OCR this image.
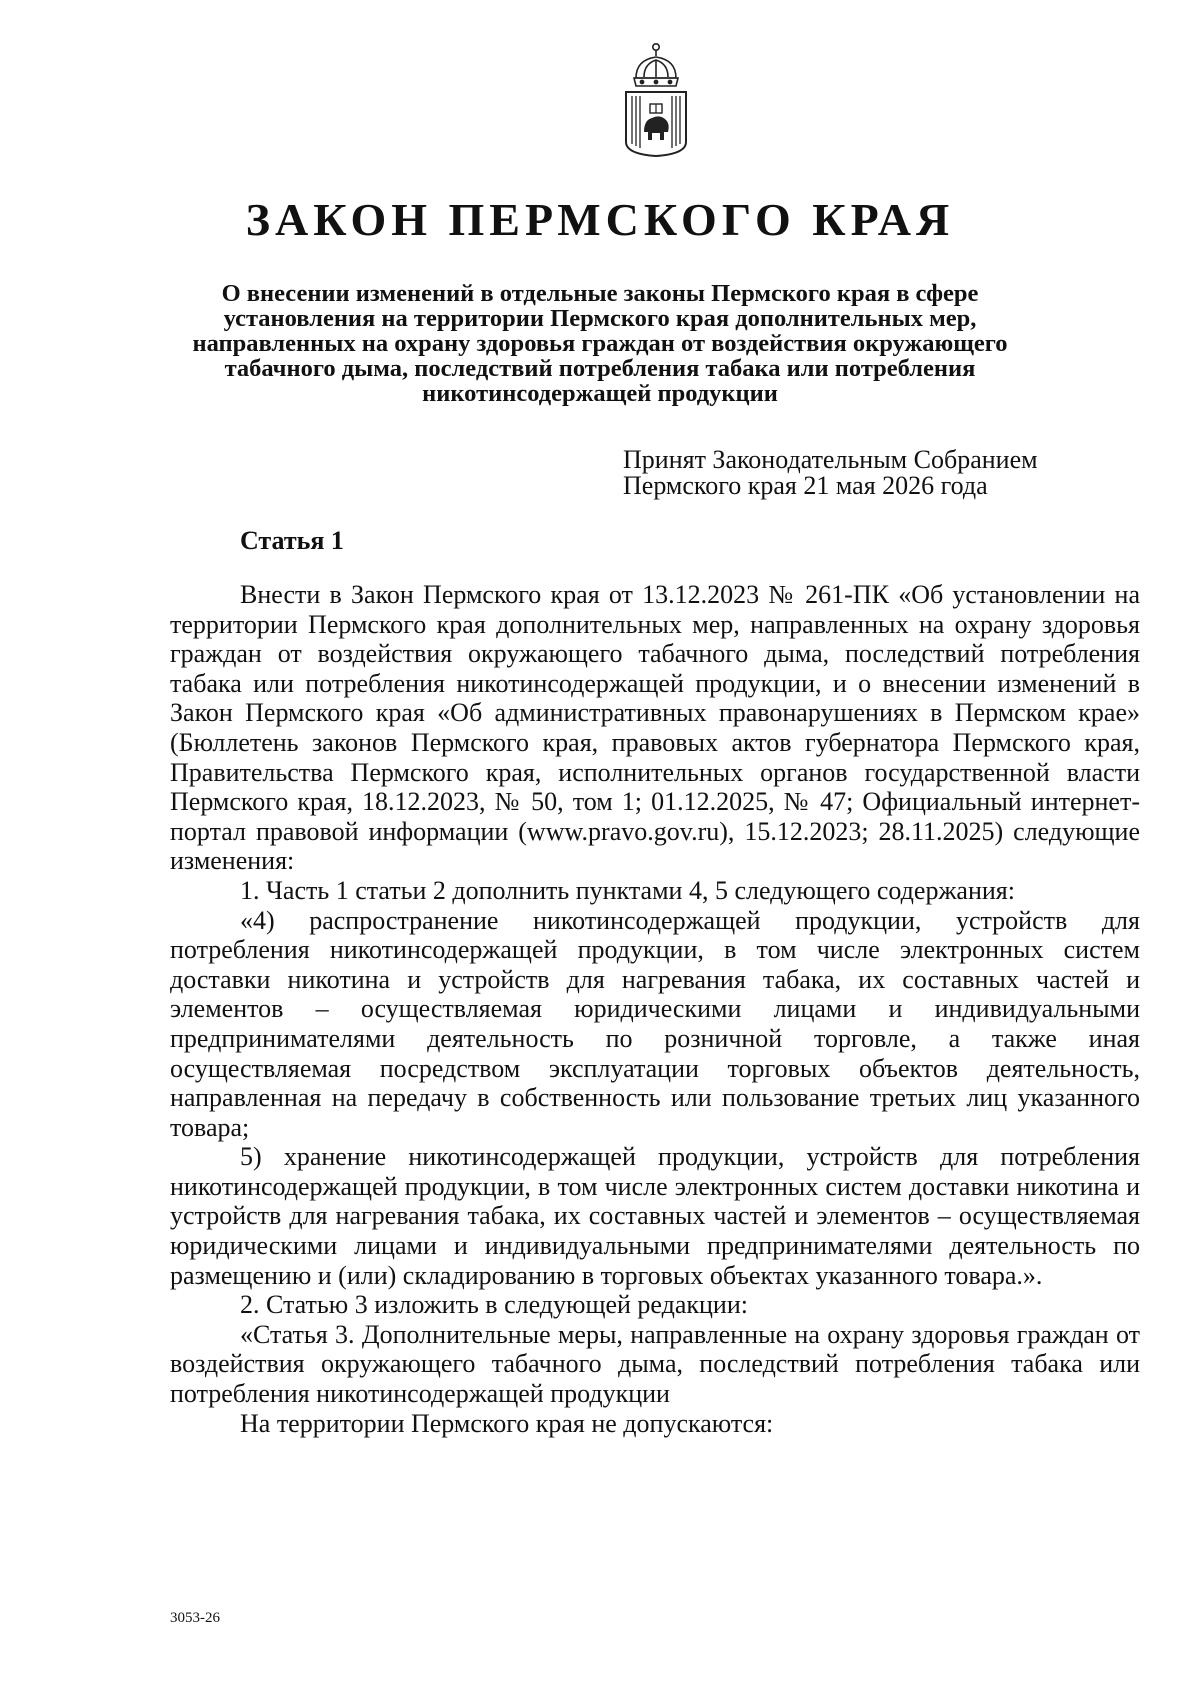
ЗАКОН ПЕРМСКОГО КРАЯ

О внесении изменений в отдельные законы Пермского края в сфере установления на территории Пермского края дополнительных мер, направленных на охрану здоровья граждан от воздействия окружающего табачного дыма, последствий потребления табака или потребления никотинсодержащей продукции

Принят Законодательным Собранием
Пермского края 21 мая 2026 года
Статья 1

Внести в Закон Пермского края от 13.12.2023 № 261-ПК «Об установлении на территории Пермского края дополнительных мер, направленных на охрану здоровья граждан от воздействия окружающего табачного дыма, последствий потребления табака или потребления никотинсодержащей продукции, и о внесении изменений в Закон Пермского края «Об административных правонарушениях в Пермском крае» (Бюллетень законов Пермского края, правовых актов губернатора Пермского края, Правительства Пермского края, исполнительных органов государственной власти Пермского края, 18.12.2023, № 50, том 1; 01.12.2025, № 47; Официальный интернет-портал правовой информации (www.pravo.gov.ru), 15.12.2023; 28.11.2025) следующие изменения:

1. Часть 1 статьи 2 дополнить пунктами 4, 5 следующего содержания:

«4) распространение никотинсодержащей продукции, устройств для потребления никотинсодержащей продукции, в том числе электронных систем доставки никотина и устройств для нагревания табака, их составных частей и элементов – осуществляемая юридическими лицами и индивидуальными предпринимателями деятельность по розничной торговле, а также иная осуществляемая посредством эксплуатации торговых объектов деятельность, направленная на передачу в собственность или пользование третьих лиц указанного товара;

5) хранение никотинсодержащей продукции, устройств для потребления никотинсодержащей продукции, в том числе электронных систем доставки никотина и устройств для нагревания табака, их составных частей и элементов – осуществляемая юридическими лицами и индивидуальными предпринимателями деятельность по размещению и (или) складированию в торговых объектах указанного товара.».

2. Статью 3 изложить в следующей редакции:

«Статья 3. Дополнительные меры, направленные на охрану здоровья граждан от воздействия окружающего табачного дыма, последствий потребления табака или потребления никотинсодержащей продукции

На территории Пермского края не допускаются:

3053-26
